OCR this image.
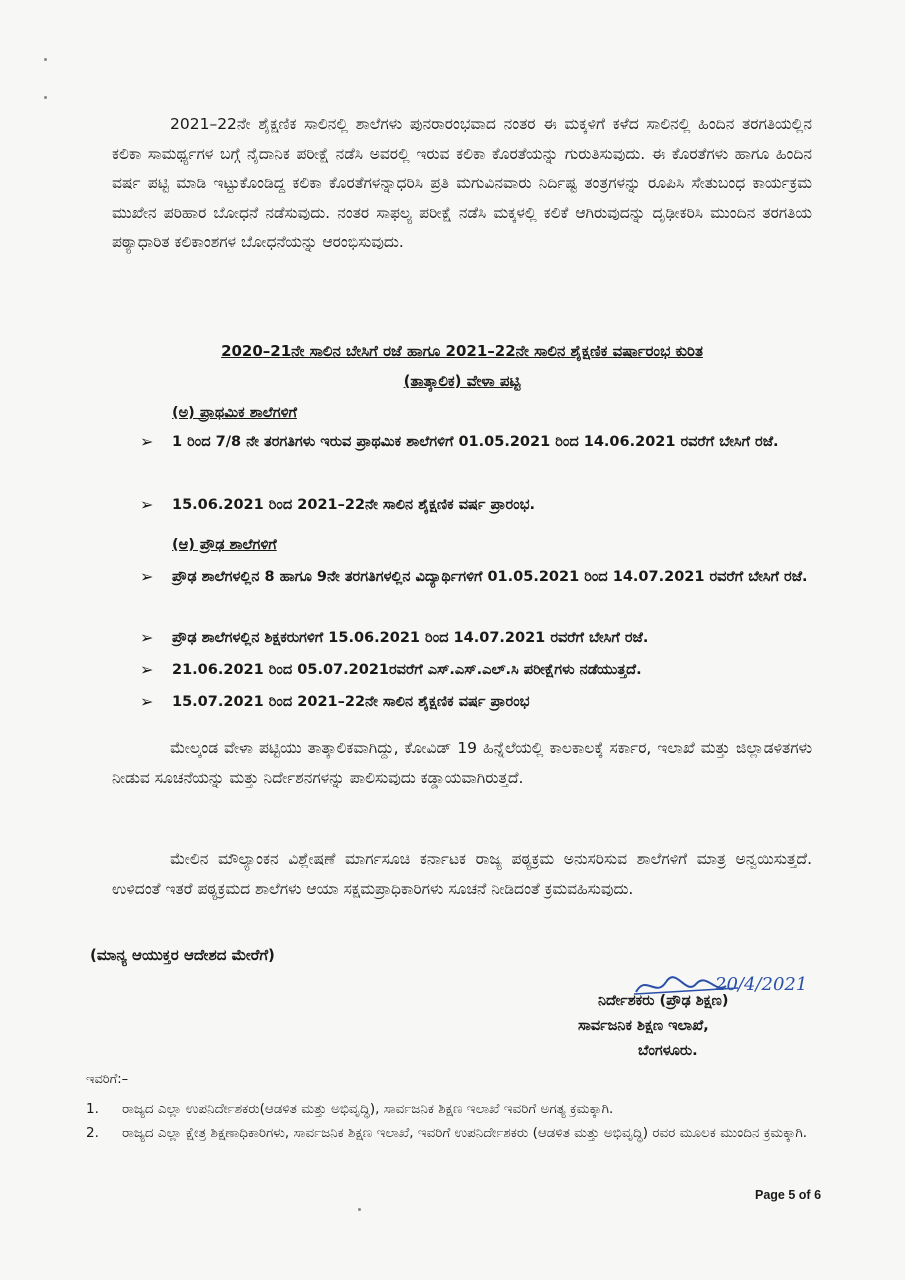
2021–22ನೇ ಶೈಕ್ಷಣಿಕ ಸಾಲಿನಲ್ಲಿ ಶಾಲೆಗಳು ಪುನರಾರಂಭವಾದ ನಂತರ ಈ ಮಕ್ಕಳಿಗೆ ಕಳೆದ ಸಾಲಿನಲ್ಲಿ ಹಿಂದಿನ ತರಗತಿಯಲ್ಲಿನ ಕಲಿಕಾ ಸಾಮರ್ಥ್ಯಗಳ ಬಗ್ಗೆ ನೈದಾನಿಕ ಪರೀಕ್ಷೆ ನಡೆಸಿ ಅವರಲ್ಲಿ ಇರುವ ಕಲಿಕಾ ಕೊರತೆಯನ್ನು ಗುರುತಿಸುವುದು. ಈ ಕೊರತೆಗಳು ಹಾಗೂ ಹಿಂದಿನ ವರ್ಷ ಪಟ್ಟಿ ಮಾಡಿ ಇಟ್ಟುಕೊಂಡಿದ್ದ ಕಲಿಕಾ ಕೊರತೆಗಳನ್ನಾಧರಿಸಿ ಪ್ರತಿ ಮಗುವಿನವಾರು ನಿರ್ದಿಷ್ಟ ತಂತ್ರಗಳನ್ನು ರೂಪಿಸಿ ಸೇತುಬಂಧ ಕಾರ್ಯಕ್ರಮ ಮುಖೇನ ಪರಿಹಾರ ಬೋಧನೆ ನಡೆಸುವುದು. ನಂತರ ಸಾಫಲ್ಯ ಪರೀಕ್ಷೆ ನಡೆಸಿ ಮಕ್ಕಳಲ್ಲಿ ಕಲಿಕೆ ಆಗಿರುವುದನ್ನು ದೃಢೀಕರಿಸಿ ಮುಂದಿನ ತರಗತಿಯ ಪಠ್ಯಾಧಾರಿತ ಕಲಿಕಾಂಶಗಳ ಬೋಧನೆಯನ್ನು ಆರಂಭಿಸುವುದು.
2020–21ನೇ ಸಾಲಿನ ಬೇಸಿಗೆ ರಜೆ ಹಾಗೂ 2021–22ನೇ ಸಾಲಿನ ಶೈಕ್ಷಣಿಕ ವರ್ಷಾರಂಭ ಕುರಿತ
(ತಾತ್ಕಾಲಿಕ) ವೇಳಾ ಪಟ್ಟಿ
(ಅ) ಪ್ರಾಥಮಿಕ ಶಾಲೆಗಳಿಗೆ
➢ 1 ರಿಂದ 7/8 ನೇ ತರಗತಿಗಳು ಇರುವ ಪ್ರಾಥಮಿಕ ಶಾಲೆಗಳಿಗೆ 01.05.2021 ರಿಂದ 14.06.2021 ರವರೆಗೆ ಬೇಸಿಗೆ ರಜೆ.
➢ 15.06.2021 ರಿಂದ 2021–22ನೇ ಸಾಲಿನ ಶೈಕ್ಷಣಿಕ ವರ್ಷ ಪ್ರಾರಂಭ.
(ಆ) ಪ್ರೌಢ ಶಾಲೆಗಳಿಗೆ
➢ ಪ್ರೌಢ ಶಾಲೆಗಳಲ್ಲಿನ 8 ಹಾಗೂ 9ನೇ ತರಗತಿಗಳಲ್ಲಿನ ವಿದ್ಯಾರ್ಥಿಗಳಿಗೆ 01.05.2021 ರಿಂದ 14.07.2021 ರವರೆಗೆ ಬೇಸಿಗೆ ರಜೆ.
➢ ಪ್ರೌಢ ಶಾಲೆಗಳಲ್ಲಿನ ಶಿಕ್ಷಕರುಗಳಿಗೆ 15.06.2021 ರಿಂದ 14.07.2021 ರವರೆಗೆ ಬೇಸಿಗೆ ರಜೆ.
➢ 21.06.2021 ರಿಂದ 05.07.2021ರವರೆಗೆ ಎಸ್.ಎಸ್.ಎಲ್.ಸಿ ಪರೀಕ್ಷೆಗಳು ನಡೆಯುತ್ತದೆ.
➢ 15.07.2021 ರಿಂದ 2021–22ನೇ ಸಾಲಿನ ಶೈಕ್ಷಣಿಕ ವರ್ಷ ಪ್ರಾರಂಭ
ಮೇಲ್ಕಂಡ ವೇಳಾ ಪಟ್ಟಿಯು ತಾತ್ಕಾಲಿಕವಾಗಿದ್ದು, ಕೋವಿಡ್ 19 ಹಿನ್ನೆಲೆಯಲ್ಲಿ ಕಾಲಕಾಲಕ್ಕೆ ಸರ್ಕಾರ, ಇಲಾಖೆ ಮತ್ತು ಜಿಲ್ಲಾಡಳಿತಗಳು ನೀಡುವ ಸೂಚನೆಯನ್ನು ಮತ್ತು ನಿರ್ದೇಶನಗಳನ್ನು ಪಾಲಿಸುವುದು ಕಡ್ಡಾಯವಾಗಿರುತ್ತದೆ.
ಮೇಲಿನ ಮೌಲ್ಯಾಂಕನ ವಿಶ್ಲೇಷಣೆ ಮಾರ್ಗಸೂಚಿ ಕರ್ನಾಟಕ ರಾಜ್ಯ ಪಠ್ಯಕ್ರಮ ಅನುಸರಿಸುವ ಶಾಲೆಗಳಿಗೆ ಮಾತ್ರ ಅನ್ವಯಿಸುತ್ತದೆ. ಉಳಿದಂತೆ ಇತರೆ ಪಠ್ಯಕ್ರಮದ ಶಾಲೆಗಳು ಆಯಾ ಸಕ್ಷಮಪ್ರಾಧಿಕಾರಿಗಳು ಸೂಚನೆ ನೀಡಿದಂತೆ ಕ್ರಮವಹಿಸುವುದು.
(ಮಾನ್ಯ ಆಯುಕ್ತರ ಆದೇಶದ ಮೇರೆಗೆ)
20/4/2021
ನಿರ್ದೇಶಕರು (ಪ್ರೌಢ ಶಿಕ್ಷಣ)
ಸಾರ್ವಜನಿಕ ಶಿಕ್ಷಣ ಇಲಾಖೆ,
ಬೆಂಗಳೂರು.
ಇವರಿಗೆ:–
1. ರಾಜ್ಯದ ಎಲ್ಲಾ ಉಪನಿರ್ದೇಶಕರು(ಆಡಳಿತ ಮತ್ತು ಅಭಿವೃದ್ಧಿ), ಸಾರ್ವಜನಿಕ ಶಿಕ್ಷಣ ಇಲಾಖೆ ಇವರಿಗೆ ಅಗತ್ಯ ಕ್ರಮಕ್ಕಾಗಿ.
2. ರಾಜ್ಯದ ಎಲ್ಲಾ ಕ್ಷೇತ್ರ ಶಿಕ್ಷಣಾಧಿಕಾರಿಗಳು, ಸಾರ್ವಜನಿಕ ಶಿಕ್ಷಣ ಇಲಾಖೆ, ಇವರಿಗೆ ಉಪನಿರ್ದೇಶಕರು (ಆಡಳಿತ ಮತ್ತು ಅಭಿವೃದ್ಧಿ) ರವರ ಮೂಲಕ ಮುಂದಿನ ಕ್ರಮಕ್ಕಾಗಿ.
Page 5 of 6
